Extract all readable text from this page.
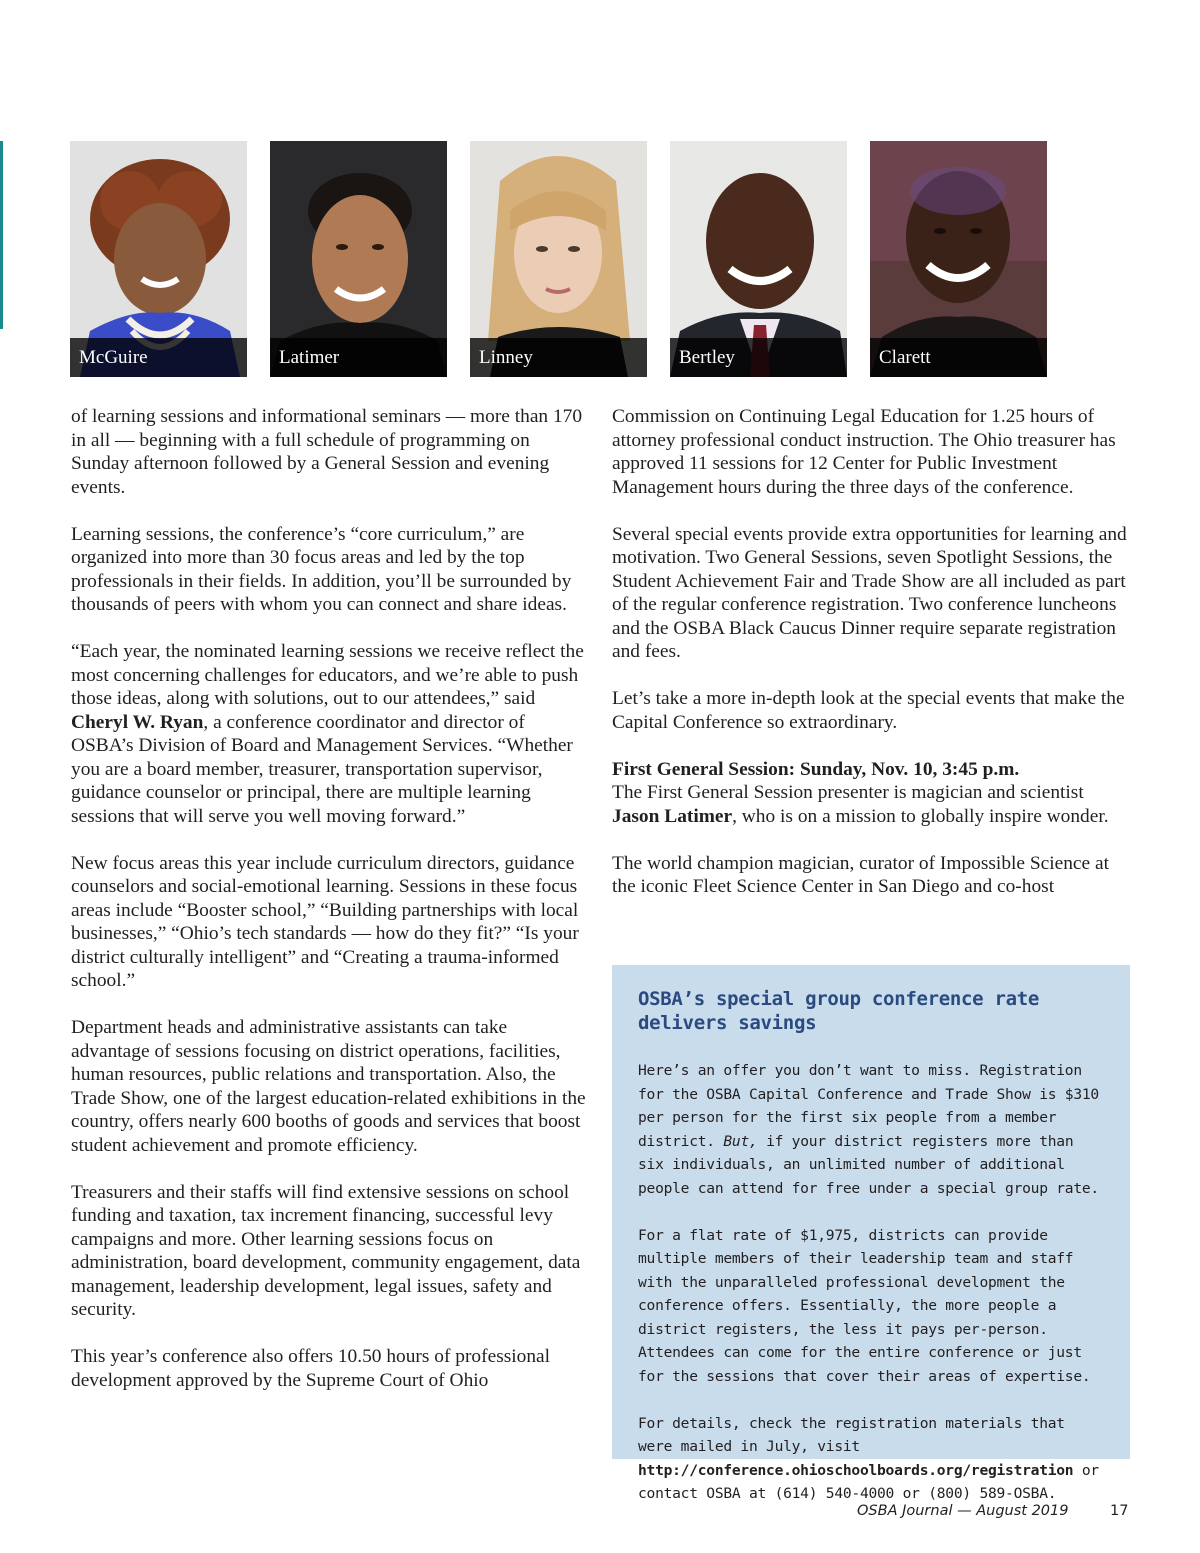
McGuire	Latimer	Linney	Bertley	Clarett

of learning sessions and informational seminars — more than 170 in all — beginning with a full schedule of programming on Sunday afternoon followed by a General Session and evening events.

Learning sessions, the conference’s “core curriculum,” are organized into more than 30 focus areas and led by the top professionals in their fields. In addition, you’ll be surrounded by thousands of peers with whom you can connect and share ideas.

“Each year, the nominated learning sessions we receive reflect the most concerning challenges for educators, and we’re able to push those ideas, along with solutions, out to our attendees,” said Cheryl W. Ryan, a conference coordinator and director of OSBA’s Division of Board and Management Services. “Whether you are a board member, treasurer, transportation supervisor, guidance counselor or principal, there are multiple learning sessions that will serve you well moving forward.”

New focus areas this year include curriculum directors, guidance counselors and social-emotional learning. Sessions in these focus areas include “Booster school,” “Building partnerships with local businesses,” “Ohio’s tech standards — how do they fit?” “Is your district culturally intelligent” and “Creating a trauma-informed school.”

Department heads and administrative assistants can take advantage of sessions focusing on district operations, facilities, human resources, public relations and transportation. Also, the Trade Show, one of the largest education-related exhibitions in the country, offers nearly 600 booths of goods and services that boost student achievement and promote efficiency.

Treasurers and their staffs will find extensive sessions on school funding and taxation, tax increment financing, successful levy campaigns and more. Other learning sessions focus on administration, board development, community engagement, data management, leadership development, legal issues, safety and security.

This year’s conference also offers 10.50 hours of professional development approved by the Supreme Court of Ohio

Commission on Continuing Legal Education for 1.25 hours of attorney professional conduct instruction. The Ohio treasurer has approved 11 sessions for 12 Center for Public Investment Management hours during the three days of the conference.

Several special events provide extra opportunities for learning and motivation. Two General Sessions, seven Spotlight Sessions, the Student Achievement Fair and Trade Show are all included as part of the regular conference registration. Two conference luncheons and the OSBA Black Caucus Dinner require separate registration and fees.

Let’s take a more in-depth look at the special events that make the Capital Conference so extraordinary.

First General Session: Sunday, Nov. 10, 3:45 p.m.

The First General Session presenter is magician and scientist Jason Latimer, who is on a mission to globally inspire wonder.

The world champion magician, curator of Impossible Science at the iconic Fleet Science Center in San Diego and co-host

OSBA’s special group conference rate delivers savings

Here’s an offer you don’t want to miss. Registration for the OSBA Capital Conference and Trade Show is $310 per person for the first six people from a member district. But, if your district registers more than six individuals, an unlimited number of additional people can attend for free under a special group rate.

For a flat rate of $1,975, districts can provide multiple members of their leadership team and staff with the unparalleled professional development the conference offers. Essentially, the more people a district registers, the less it pays per-person. Attendees can come for the entire conference or just for the sessions that cover their areas of expertise.

For details, check the registration materials that were mailed in July, visit http://conference.ohioschoolboards.org/registration or contact OSBA at (614) 540-4000 or (800) 589-OSBA.

OSBA Journal — August 2019	17
